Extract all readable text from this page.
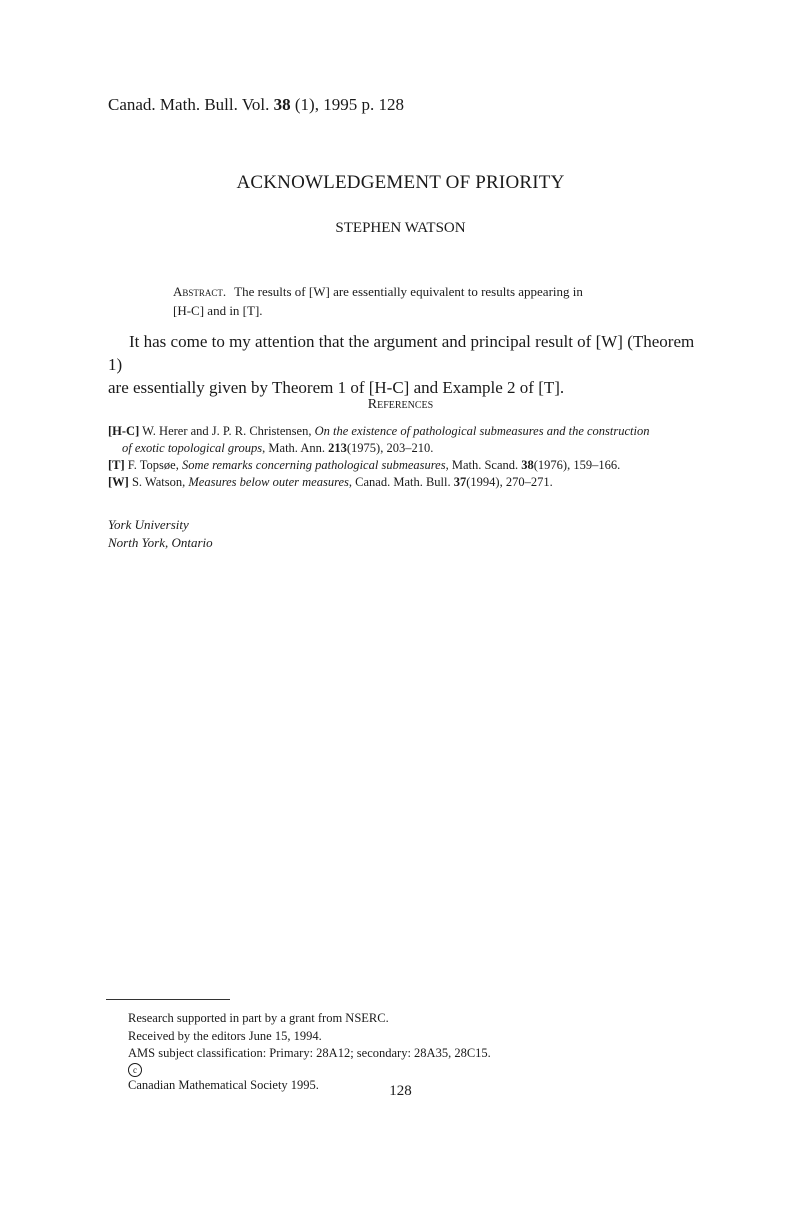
Canad. Math. Bull. Vol. 38 (1), 1995 p. 128
ACKNOWLEDGEMENT OF PRIORITY
STEPHEN WATSON
Abstract. The results of [W] are essentially equivalent to results appearing in
[H-C] and in [T].
It has come to my attention that the argument and principal result of [W] (Theorem 1)
are essentially given by Theorem 1 of [H-C] and Example 2 of [T].
References
[H-C] W. Herer and J. P. R. Christensen, On the existence of pathological submeasures and the construction
of exotic topological groups, Math. Ann. 213(1975), 203–210.
[T] F. Topsøe, Some remarks concerning pathological submeasures, Math. Scand. 38(1976), 159–166.
[W] S. Watson, Measures below outer measures, Canad. Math. Bull. 37(1994), 270–271.
York University
North York, Ontario
Research supported in part by a grant from NSERC.
Received by the editors June 15, 1994.
AMS subject classification: Primary: 28A12; secondary: 28A35, 28C15.
c
Canadian Mathematical Society 1995.	128
